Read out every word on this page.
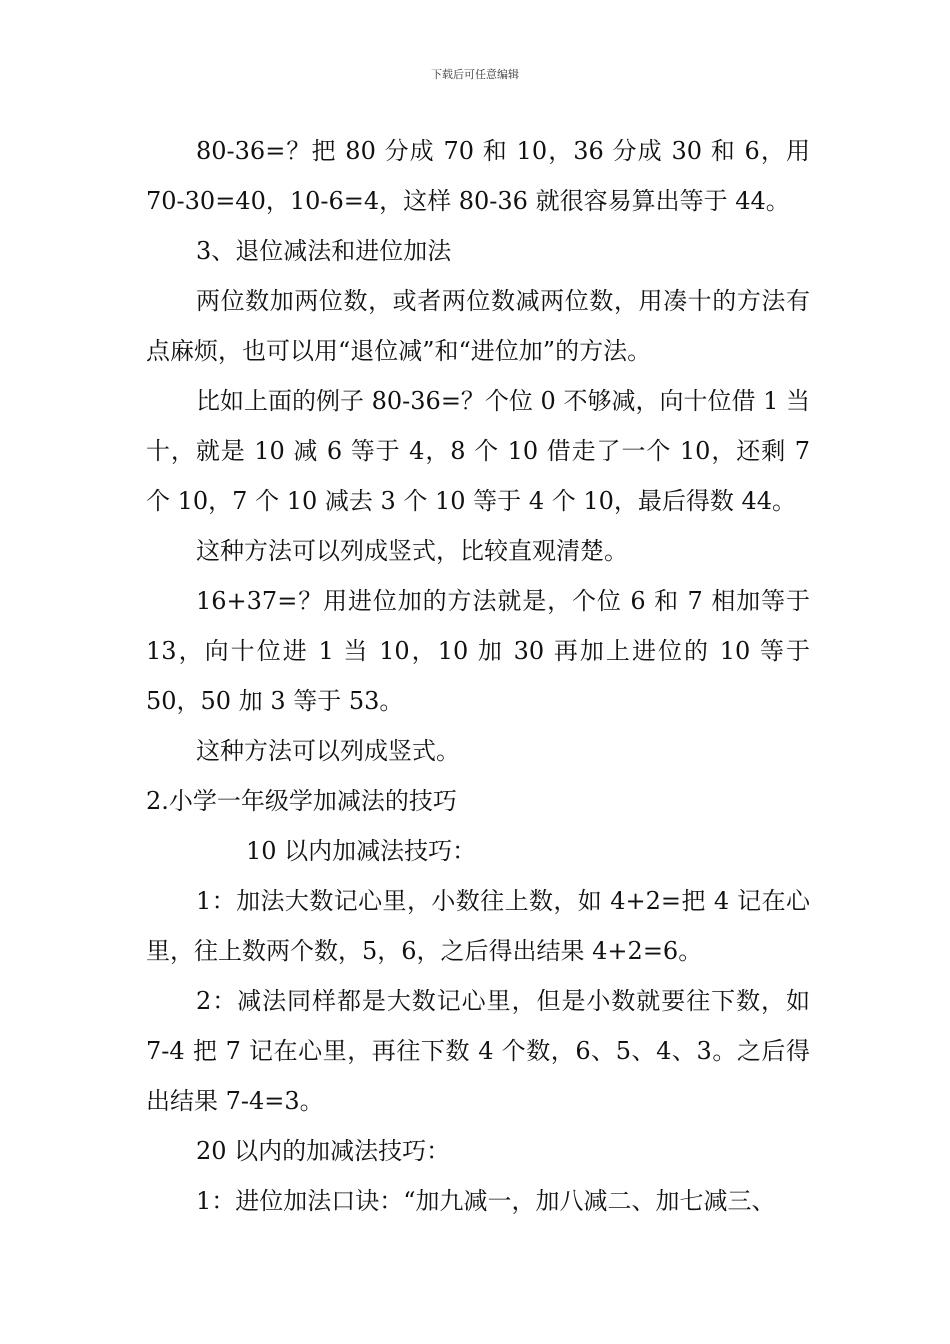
下载后可任意编辑

80-36=？把 80 分成 70 和 10，36 分成 30 和 6，用 70-30=40，10-6=4，这样 80-36 就很容易算出等于 44。

3、退位减法和进位加法

两位数加两位数，或者两位数减两位数，用凑十的方法有点麻烦，也可以用“退位减”和“进位加”的方法。

比如上面的例子 80-36=？个位 0 不够减，向十位借 1 当十，就是 10 减 6 等于 4，8 个 10 借走了一个 10，还剩 7 个 10，7 个 10 减去 3 个 10 等于 4 个 10，最后得数 44。

这种方法可以列成竖式，比较直观清楚。

16+37=？用进位加的方法就是，个位 6 和 7 相加等于 13，向十位进 1 当 10，10 加 30 再加上进位的 10 等于 50，50 加 3 等于 53。

这种方法可以列成竖式。

2.小学一年级学加减法的技巧

10 以内加减法技巧：

1：加法大数记心里，小数往上数，如 4+2=把 4 记在心里，往上数两个数，5，6，之后得出结果 4+2=6。

2：减法同样都是大数记心里，但是小数就要往下数，如 7-4 把 7 记在心里，再往下数 4 个数，6、5、4、3。之后得出结果 7-4=3。

20 以内的加减法技巧：

1：进位加法口诀：“加九减一，加八减二、加七减三、
